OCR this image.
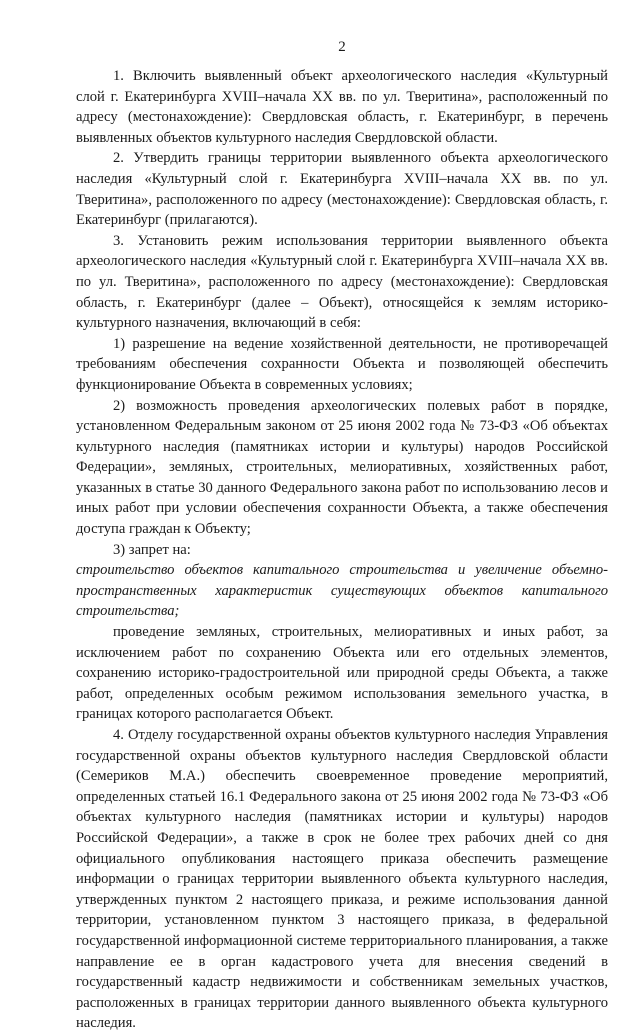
2

1. Включить выявленный объект археологического наследия «Культурный слой г. Екатеринбурга XVIII–начала XX вв. по ул. Тверитина», расположенный по адресу (местонахождение): Свердловская область, г. Екатеринбург, в перечень выявленных объектов культурного наследия Свердловской области.

2. Утвердить границы территории выявленного объекта археологического наследия «Культурный слой г. Екатеринбурга XVIII–начала XX вв. по ул. Тверитина», расположенного по адресу (местонахождение): Свердловская область, г. Екатеринбург (прилагаются).

3. Установить режим использования территории выявленного объекта археологического наследия «Культурный слой г. Екатеринбурга XVIII–начала XX вв. по ул. Тверитина», расположенного по адресу (местонахождение): Свердловская область, г. Екатеринбург (далее – Объект), относящейся к землям историко-культурного назначения, включающий в себя:

1) разрешение на ведение хозяйственной деятельности, не противоречащей требованиям обеспечения сохранности Объекта и позволяющей обеспечить функционирование Объекта в современных условиях;

2) возможность проведения археологических полевых работ в порядке, установленном Федеральным законом от 25 июня 2002 года № 73-ФЗ «Об объектах культурного наследия (памятниках истории и культуры) народов Российской Федерации», земляных, строительных, мелиоративных, хозяйственных работ, указанных в статье 30 данного Федерального закона работ по использованию лесов и иных работ при условии обеспечения сохранности Объекта, а также обеспечения доступа граждан к Объекту;

3) запрет на:

строительство объектов капитального строительства и увеличение объемно-пространственных характеристик существующих объектов капитального строительства;

проведение земляных, строительных, мелиоративных и иных работ, за исключением работ по сохранению Объекта или его отдельных элементов, сохранению историко-градостроительной или природной среды Объекта, а также работ, определенных особым режимом использования земельного участка, в границах которого располагается Объект.

4. Отделу государственной охраны объектов культурного наследия Управления государственной охраны объектов культурного наследия Свердловской области (Семериков М.А.) обеспечить своевременное проведение мероприятий, определенных статьей 16.1 Федерального закона от 25 июня 2002 года № 73-ФЗ «Об объектах культурного наследия (памятниках истории и культуры) народов Российской Федерации», а также в срок не более трех рабочих дней со дня официального опубликования настоящего приказа обеспечить размещение информации о границах территории выявленного объекта культурного наследия, утвержденных пунктом 2 настоящего приказа, и режиме использования данной территории, установленном пунктом 3 настоящего приказа, в федеральной государственной информационной системе территориального планирования, а также направление ее в орган кадастрового учета для внесения сведений в государственный кадастр недвижимости и собственникам земельных участков, расположенных в границах территории данного выявленного объекта культурного наследия.
